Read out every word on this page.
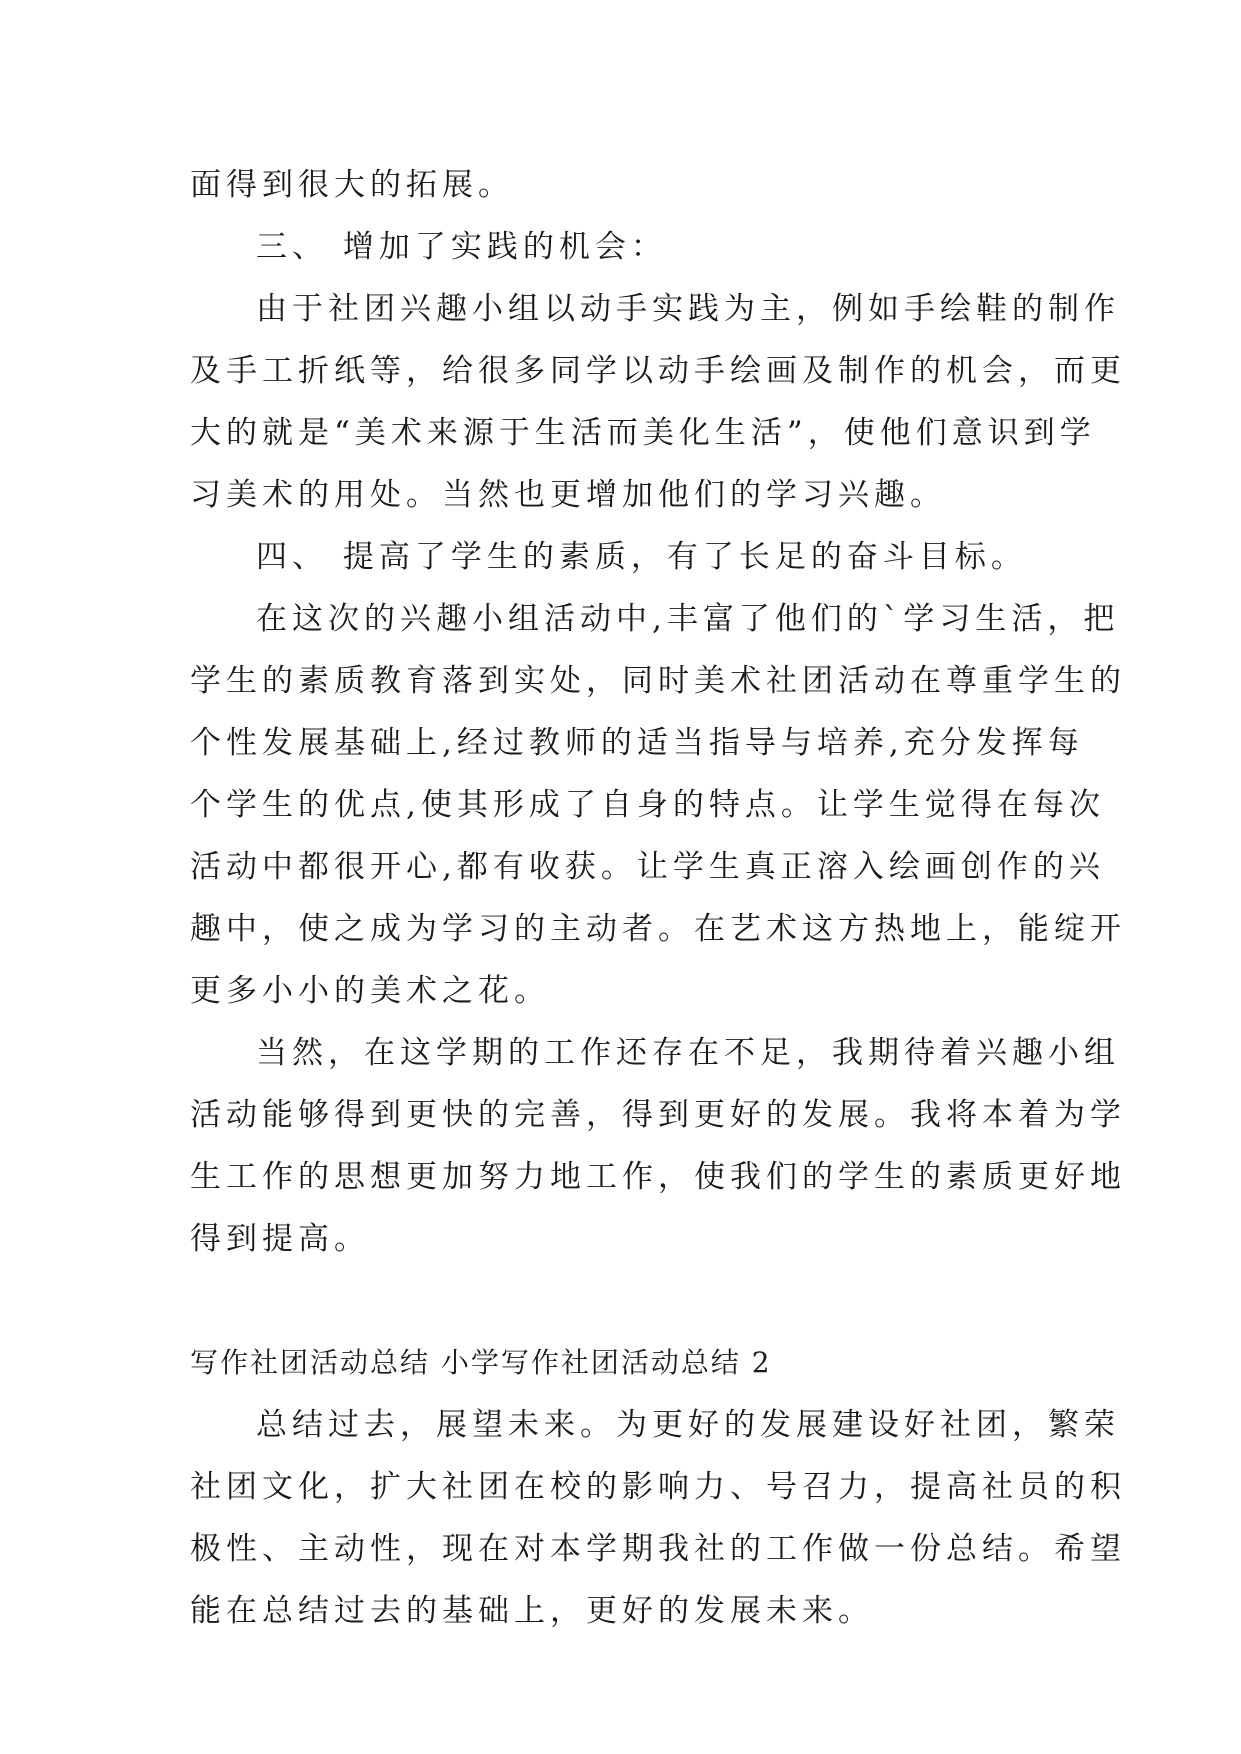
面得到很大的拓展。

三、 增加了实践的机会：

由于社团兴趣小组以动手实践为主，例如手绘鞋的制作

及手工折纸等，给很多同学以动手绘画及制作的机会，而更

大的就是“美术来源于生活而美化生活”，使他们意识到学

习美术的用处。当然也更增加他们的学习兴趣。

四、 提高了学生的素质，有了长足的奋斗目标。

在这次的兴趣小组活动中,丰富了他们的`学习生活，把

学生的素质教育落到实处，同时美术社团活动在尊重学生的

个性发展基础上,经过教师的适当指导与培养,充分发挥每

个学生的优点,使其形成了自身的特点。让学生觉得在每次

活动中都很开心,都有收获。让学生真正溶入绘画创作的兴

趣中，使之成为学习的主动者。在艺术这方热地上，能绽开

更多小小的美术之花。

当然，在这学期的工作还存在不足，我期待着兴趣小组

活动能够得到更快的完善，得到更好的发展。我将本着为学

生工作的思想更加努力地工作，使我们的学生的素质更好地

得到提高。

写作社团活动总结 小学写作社团活动总结 2

总结过去，展望未来。为更好的发展建设好社团，繁荣

社团文化，扩大社团在校的影响力、号召力，提高社员的积

极性、主动性，现在对本学期我社的工作做一份总结。希望

能在总结过去的基础上，更好的发展未来。
